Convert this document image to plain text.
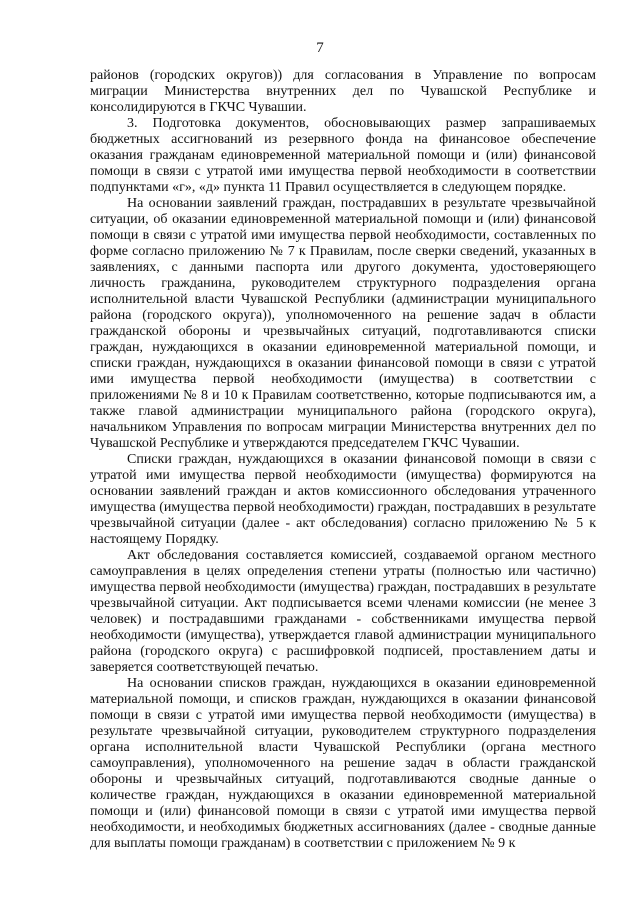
7

районов (городских округов)) для согласования в Управление по вопросам миграции Министерства внутренних дел по Чувашской Республике и консолидируются в ГКЧС Чувашии.

3. Подготовка документов, обосновывающих размер запрашиваемых бюджетных ассигнований из резервного фонда на финансовое обеспечение оказания гражданам единовременной материальной помощи и (или) финансовой помощи в связи с утратой ими имущества первой необходимости в соответствии подпунктами «г», «д» пункта 11 Правил осуществляется в следующем порядке.

На основании заявлений граждан, пострадавших в результате чрезвычайной ситуации, об оказании единовременной материальной помощи и (или) финансовой помощи в связи с утратой ими имущества первой необходимости, составленных по форме согласно приложению № 7 к Правилам, после сверки сведений, указанных в заявлениях, с данными паспорта или другого документа, удостоверяющего личность гражданина, руководителем структурного подразделения органа исполнительной власти Чувашской Республики (администрации муниципального района (городского округа)), уполномоченного на решение задач в области гражданской обороны и чрезвычайных ситуаций, подготавливаются списки граждан, нуждающихся в оказании единовременной материальной помощи, и списки граждан, нуждающихся в оказании финансовой помощи в связи с утратой ими имущества первой необходимости (имущества) в соответствии с приложениями № 8 и 10 к Правилам соответственно, которые подписываются им, а также главой администрации муниципального района (городского округа), начальником Управления по вопросам миграции Министерства внутренних дел по Чувашской Республике и утверждаются председателем ГКЧС Чувашии.

Списки граждан, нуждающихся в оказании финансовой помощи в связи с утратой ими имущества первой необходимости (имущества) формируются на основании заявлений граждан и актов комиссионного обследования утраченного имущества (имущества первой необходимости) граждан, пострадавших в результате чрезвычайной ситуации (далее - акт обследования) согласно приложению № 5 к настоящему Порядку.

Акт обследования составляется комиссией, создаваемой органом местного самоуправления в целях определения степени утраты (полностью или частично) имущества первой необходимости (имущества) граждан, пострадавших в результате чрезвычайной ситуации. Акт подписывается всеми членами комиссии (не менее 3 человек) и пострадавшими гражданами - собственниками имущества первой необходимости (имущества), утверждается главой администрации муниципального района (городского округа) с расшифровкой подписей, проставлением даты и заверяется соответствующей печатью.

На основании списков граждан, нуждающихся в оказании единовременной материальной помощи, и списков граждан, нуждающихся в оказании финансовой помощи в связи с утратой ими имущества первой необходимости (имущества) в результате чрезвычайной ситуации, руководителем структурного подразделения органа исполнительной власти Чувашской Республики (органа местного самоуправления), уполномоченного на решение задач в области гражданской обороны и чрезвычайных ситуаций, подготавливаются сводные данные о количестве граждан, нуждающихся в оказании единовременной материальной помощи и (или) финансовой помощи в связи с утратой ими имущества первой необходимости, и необходимых бюджетных ассигнованиях (далее - сводные данные для выплаты помощи гражданам) в соответствии с приложением № 9 к
